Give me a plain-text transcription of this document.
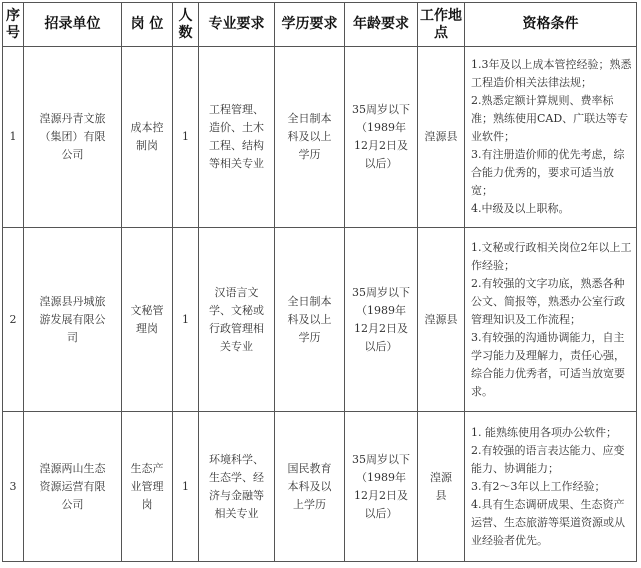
序号	招录单位	岗 位	人数	专业要求	学历要求	年龄要求	工作地点	资格条件
1	湟源丹青文旅（集团）有限公司	成本控制岗	1	工程管理、造价、土木工程、结构等相关专业	全日制本科及以上学历	35周岁以下（1989年12月2日及以后）	湟源县	1.3年及以上成本管控经验；熟悉工程造价相关法律法规；
2.熟悉定额计算规则、费率标准；熟练使用CAD、广联达等专业软件；
3.有注册造价师的优先考虑，综合能力优秀的，要求可适当放宽；
4.中级及以上职称。

2	湟源县丹城旅游发展有限公司	文秘管理岗	1	汉语言文学、文秘或行政管理相关专业	全日制本科及以上学历	35周岁以下（1989年12月2日及以后）	湟源县	1.文秘或行政相关岗位2年以上工作经验；
2.有较强的文字功底，熟悉各种公文、简报等，熟悉办公室行政管理知识及工作流程；
3.有较强的沟通协调能力，自主学习能力及理解力，责任心强，综合能力优秀者，可适当放宽要求。

3	湟源两山生态资源运营有限公司	生态产业管理岗	1	环境科学、生态学、经济与金融等相关专业	国民教育本科及以上学历	35周岁以下（1989年12月2日及以后）	湟源县	1. 能熟练使用各项办公软件；
2.有较强的语言表达能力、应变能力、协调能力；
3.有2～3年以上工作经验；
4.具有生态调研成果、生态资产运营、生态旅游等渠道资源或从业经验者优先。
